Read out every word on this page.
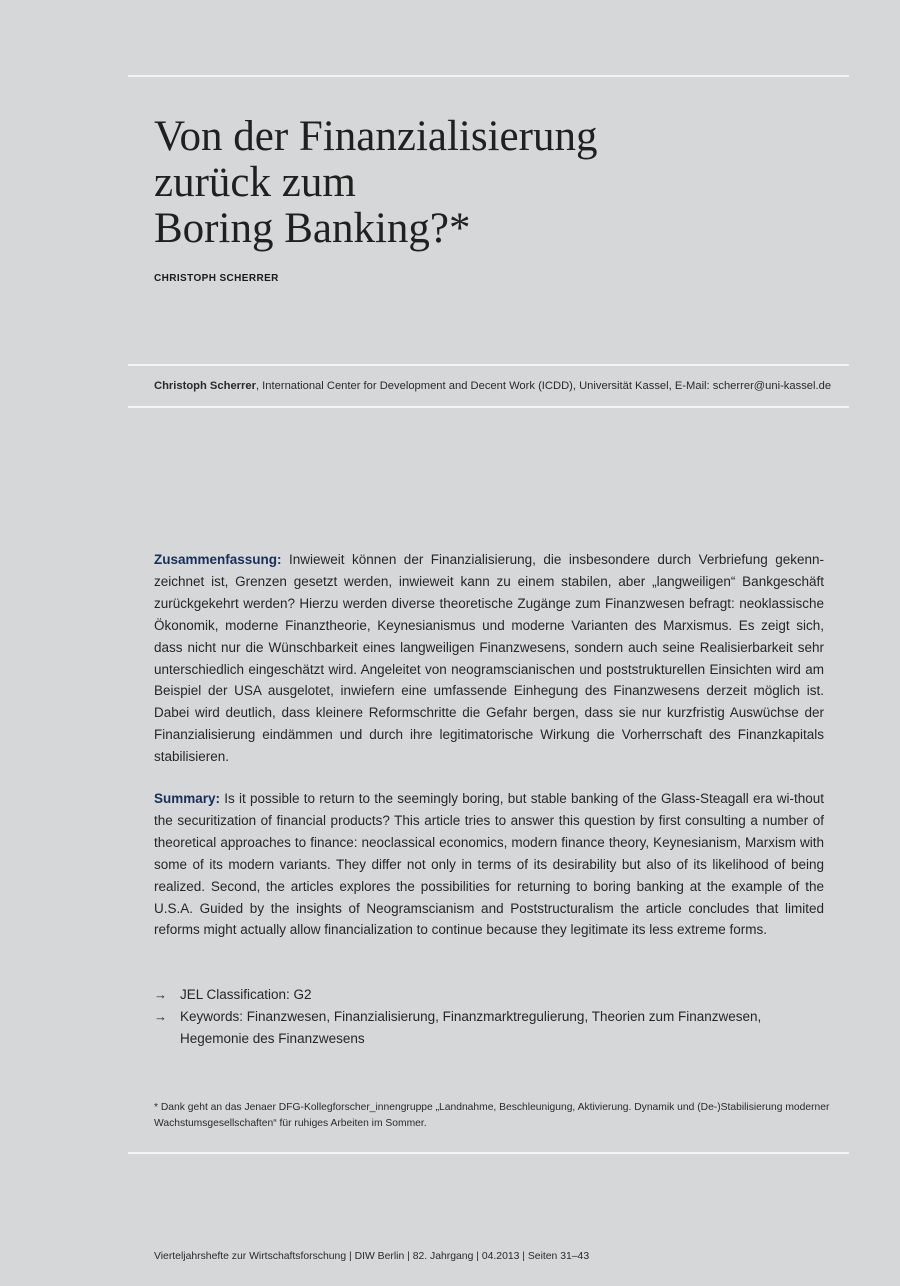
Von der Finanzialisierung
zurück zum
Boring Banking?*
CHRISTOPH SCHERRER
Christoph Scherrer, International Center for Development and Decent Work (ICDD), Universität Kassel, E-Mail: scherrer@uni-kassel.de

Zusammenfassung: Inwieweit können der Finanzialisierung, die insbesondere durch Verbriefung gekenn-zeichnet ist, Grenzen gesetzt werden, inwieweit kann zu einem stabilen, aber „langweiligen“ Bankgeschäft zurückgekehrt werden? Hierzu werden diverse theoretische Zugänge zum Finanzwesen befragt: neoklassische Ökonomik, moderne Finanztheorie, Keynesianismus und moderne Varianten des Marxismus. Es zeigt sich, dass nicht nur die Wünschbarkeit eines langweiligen Finanzwesens, sondern auch seine Realisierbarkeit sehr unterschiedlich eingeschätzt wird. Angeleitet von neogramscianischen und poststrukturellen Einsichten wird am Beispiel der USA ausgelotet, inwiefern eine umfassende Einhegung des Finanzwesens derzeit möglich ist. Dabei wird deutlich, dass kleinere Reformschritte die Gefahr bergen, dass sie nur kurzfristig Auswüchse der Finanzialisierung eindämmen und durch ihre legitimatorische Wirkung die Vorherrschaft des Finanzkapitals stabilisieren.

Summary: Is it possible to return to the seemingly boring, but stable banking of the Glass-Steagall era wi-thout the securitization of financial products? This article tries to answer this question by first consulting a number of theoretical approaches to finance: neoclassical economics, modern finance theory, Keynesianism, Marxism with some of its modern variants. They differ not only in terms of its desirability but also of its likelihood of being realized. Second, the articles explores the possibilities for returning to boring banking at the example of the U.S.A. Guided by the insights of Neogramscianism and Poststructuralism the article concludes that limited reforms might actually allow financialization to continue because they legitimate its less extreme forms.

→ JEL Classification: G2
→ Keywords: Finanzwesen, Finanzialisierung, Finanzmarktregulierung, Theorien zum Finanzwesen, Hegemonie des Finanzwesens

* Dank geht an das Jenaer DFG-Kollegforscher_innengruppe „Landnahme, Beschleunigung, Aktivierung. Dynamik und (De-)Stabilisierung moderner Wachstumsgesellschaften“ für ruhiges Arbeiten im Sommer.

Vierteljahrshefte zur Wirtschaftsforschung | DIW Berlin | 82. Jahrgang | 04.2013 | Seiten 31–43
